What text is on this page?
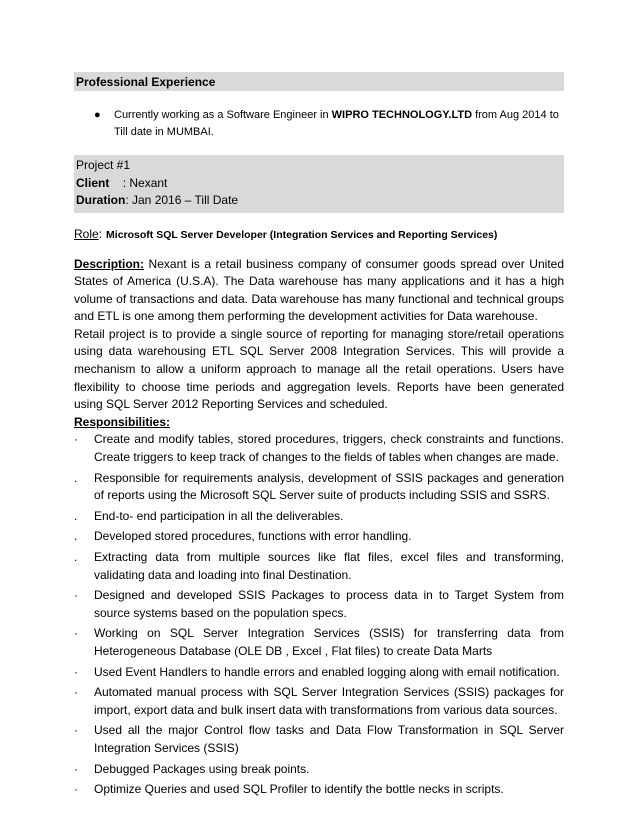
Professional Experience
● Currently working as a Software Engineer in WIPRO TECHNOLOGY.LTD from Aug 2014 to Till date in MUMBAI.
Project #1
Client : Nexant
Duration: Jan 2016 – Till Date
Role: Microsoft SQL Server Developer (Integration Services and Reporting Services)
Description: Nexant is a retail business company of consumer goods spread over United States of America (U.S.A). The Data warehouse has many applications and it has a high volume of transactions and data. Data warehouse has many functional and technical groups and ETL is one among them performing the development activities for Data warehouse.
Retail project is to provide a single source of reporting for managing store/retail operations using data warehousing ETL SQL Server 2008 Integration Services. This will provide a mechanism to allow a uniform approach to manage all the retail operations. Users have flexibility to choose time periods and aggregation levels. Reports have been generated using SQL Server 2012 Reporting Services and scheduled.
Responsibilities:
· Create and modify tables, stored procedures, triggers, check constraints and functions. Create triggers to keep track of changes to the fields of tables when changes are made.
. Responsible for requirements analysis, development of SSIS packages and generation of reports using the Microsoft SQL Server suite of products including SSIS and SSRS.
. End-to- end participation in all the deliverables.
. Developed stored procedures, functions with error handling.
. Extracting data from multiple sources like flat files, excel files and transforming, validating data and loading into final Destination.
· Designed and developed SSIS Packages to process data in to Target System from source systems based on the population specs.
· Working on SQL Server Integration Services (SSIS) for transferring data from Heterogeneous Database (OLE DB , Excel , Flat files) to create Data Marts
· Used Event Handlers to handle errors and enabled logging along with email notification.
· Automated manual process with SQL Server Integration Services (SSIS) packages for import, export data and bulk insert data with transformations from various data sources.
· Used all the major Control flow tasks and Data Flow Transformation in SQL Server Integration Services (SSIS)
· Debugged Packages using break points.
· Optimize Queries and used SQL Profiler to identify the bottle necks in scripts.
